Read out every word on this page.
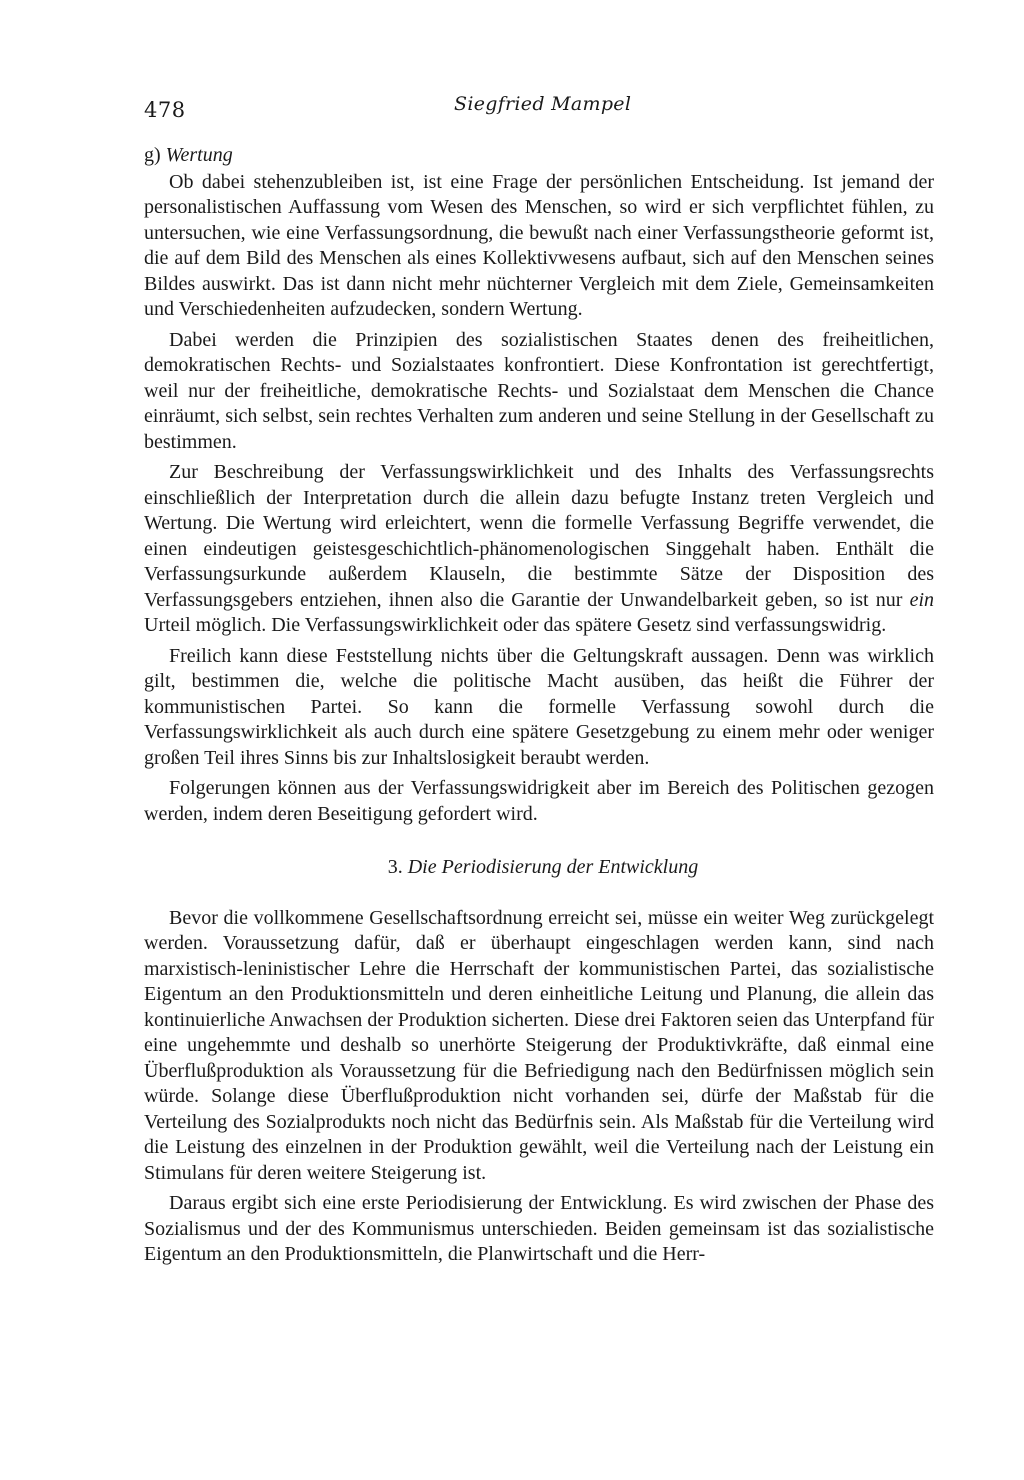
478	Siegfried Mampel
g) Wertung

Ob dabei stehenzubleiben ist, ist eine Frage der persönlichen Entscheidung. Ist jemand der personalistischen Auffassung vom Wesen des Menschen, so wird er sich verpflichtet fühlen, zu untersuchen, wie eine Verfassungsordnung, die bewußt nach einer Verfassungstheorie geformt ist, die auf dem Bild des Menschen als eines Kollektivwesens aufbaut, sich auf den Menschen seines Bildes auswirkt. Das ist dann nicht mehr nüchterner Vergleich mit dem Ziele, Gemeinsamkeiten und Verschiedenheiten aufzudecken, sondern Wertung.

Dabei werden die Prinzipien des sozialistischen Staates denen des freiheitlichen, demokratischen Rechts- und Sozialstaates konfrontiert. Diese Konfrontation ist gerechtfertigt, weil nur der freiheitliche, demokratische Rechts- und Sozialstaat dem Menschen die Chance einräumt, sich selbst, sein rechtes Verhalten zum anderen und seine Stellung in der Gesellschaft zu bestimmen.

Zur Beschreibung der Verfassungswirklichkeit und des Inhalts des Verfassungsrechts einschließlich der Interpretation durch die allein dazu befugte Instanz treten Vergleich und Wertung. Die Wertung wird erleichtert, wenn die formelle Verfassung Begriffe verwendet, die einen eindeutigen geistesgeschichtlich-phänomenologischen Singgehalt haben. Enthält die Verfassungsurkunde außerdem Klauseln, die bestimmte Sätze der Disposition des Verfassungsgebers entziehen, ihnen also die Garantie der Unwandelbarkeit geben, so ist nur ein Urteil möglich. Die Verfassungswirklichkeit oder das spätere Gesetz sind verfassungswidrig.

Freilich kann diese Feststellung nichts über die Geltungskraft aussagen. Denn was wirklich gilt, bestimmen die, welche die politische Macht ausüben, das heißt die Führer der kommunistischen Partei. So kann die formelle Verfassung sowohl durch die Verfassungswirklichkeit als auch durch eine spätere Gesetzgebung zu einem mehr oder weniger großen Teil ihres Sinns bis zur Inhaltslosigkeit beraubt werden.

Folgerungen können aus der Verfassungswidrigkeit aber im Bereich des Politischen gezogen werden, indem deren Beseitigung gefordert wird.

3. Die Periodisierung der Entwicklung

Bevor die vollkommene Gesellschaftsordnung erreicht sei, müsse ein weiter Weg zurückgelegt werden. Voraussetzung dafür, daß er überhaupt eingeschlagen werden kann, sind nach marxistisch-leninistischer Lehre die Herrschaft der kommunistischen Partei, das sozialistische Eigentum an den Produktionsmitteln und deren einheitliche Leitung und Planung, die allein das kontinuierliche Anwachsen der Produktion sicherten. Diese drei Faktoren seien das Unterpfand für eine ungehemmte und deshalb so unerhörte Steigerung der Produktivkräfte, daß einmal eine Überflußproduktion als Voraussetzung für die Befriedigung nach den Bedürfnissen möglich sein würde. Solange diese Überflußproduktion nicht vorhanden sei, dürfe der Maßstab für die Verteilung des Sozialprodukts noch nicht das Bedürfnis sein. Als Maßstab für die Verteilung wird die Leistung des einzelnen in der Produktion gewählt, weil die Verteilung nach der Leistung ein Stimulans für deren weitere Steigerung ist.

Daraus ergibt sich eine erste Periodisierung der Entwicklung. Es wird zwischen der Phase des Sozialismus und der des Kommunismus unterschieden. Beiden gemeinsam ist das sozialistische Eigentum an den Produktionsmitteln, die Planwirtschaft und die Herr-
